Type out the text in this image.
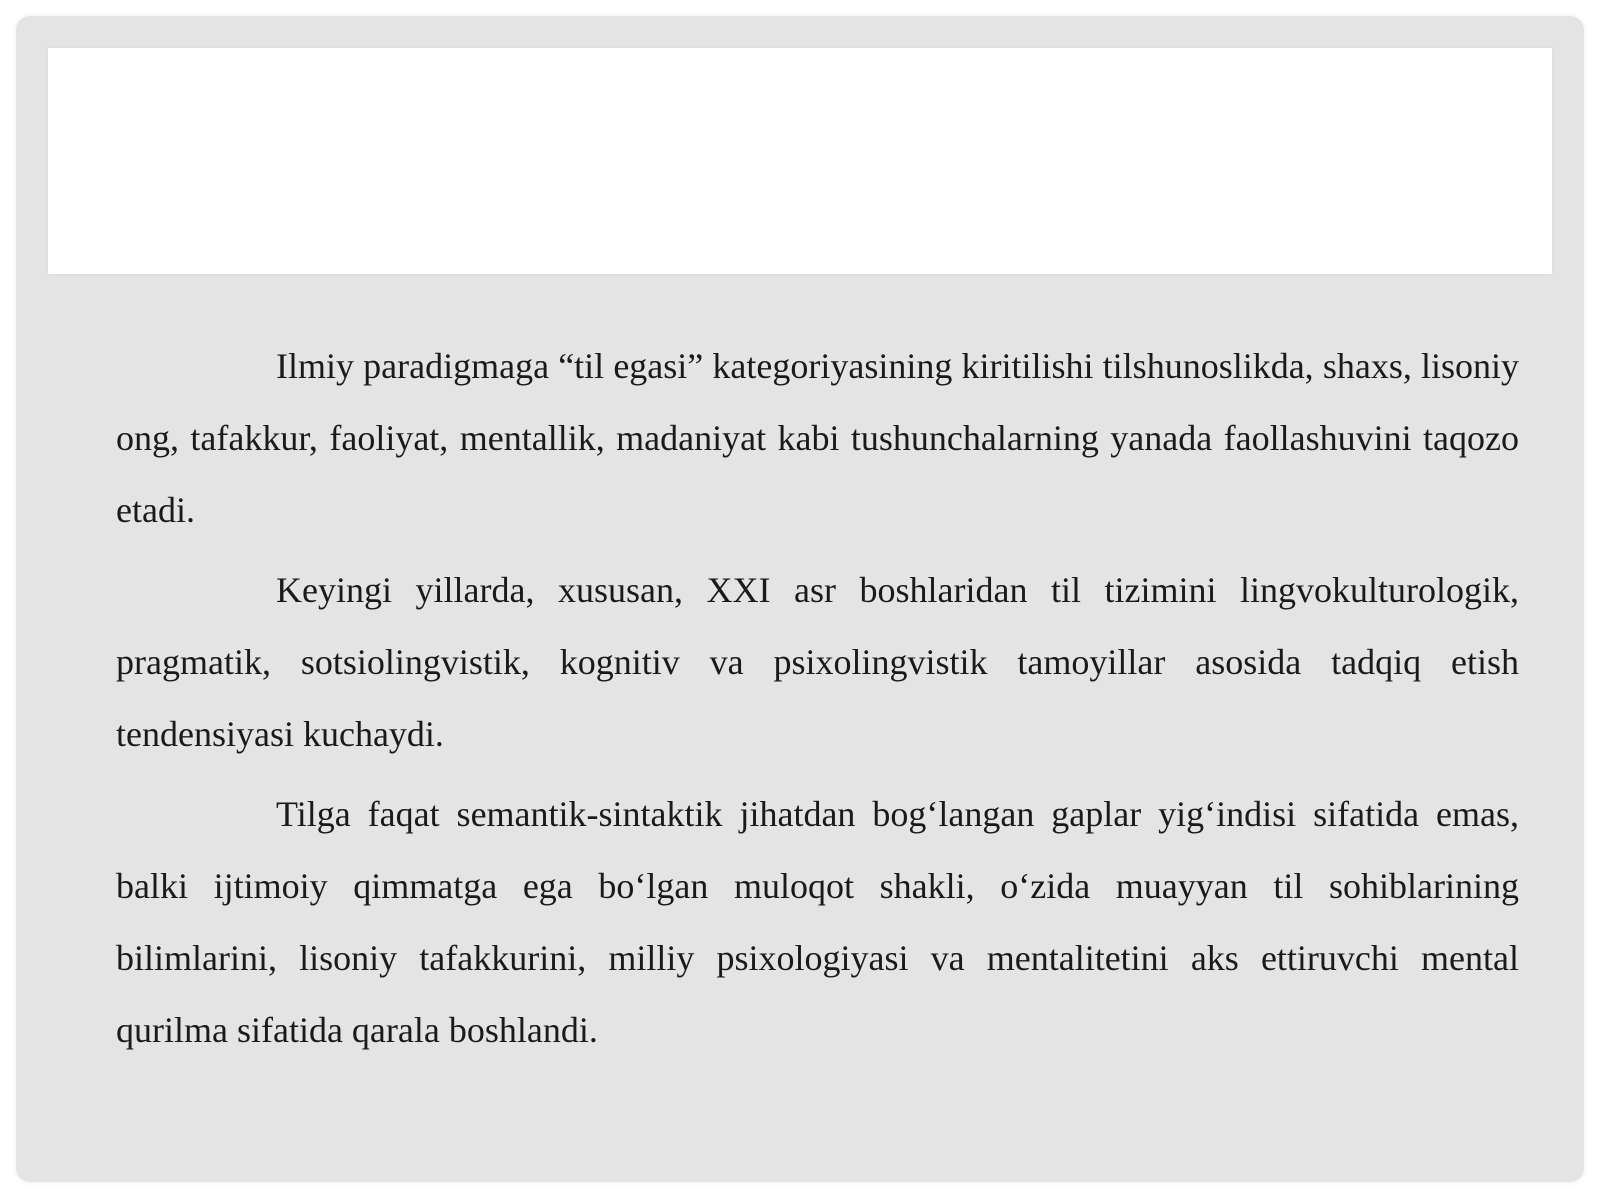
Ilmiy paradigmaga “til egasi” kategoriyasining kiritilishi tilshunoslikda, shaxs, lisoniy ong, tafakkur, faoliyat, mentallik, madaniyat kabi tushunchalarning yanada faollashuvini taqozo etadi.

Keyingi yillarda, xususan, XXI asr boshlaridan til tizimini lingvokulturologik, pragmatik, sotsiolingvistik, kognitiv va psixolingvistik tamoyillar asosida tadqiq etish tendensiyasi kuchaydi.

Tilga faqat semantik-sintaktik jihatdan bog‘langan gaplar yig‘indisi sifatida emas, balki ijtimoiy qimmatga ega bo‘lgan muloqot shakli, o‘zida muayyan til sohiblarining bilimlarini, lisoniy tafakkurini, milliy psixologiyasi va mentalitetini aks ettiruvchi mental qurilma sifatida qarala boshlandi.
